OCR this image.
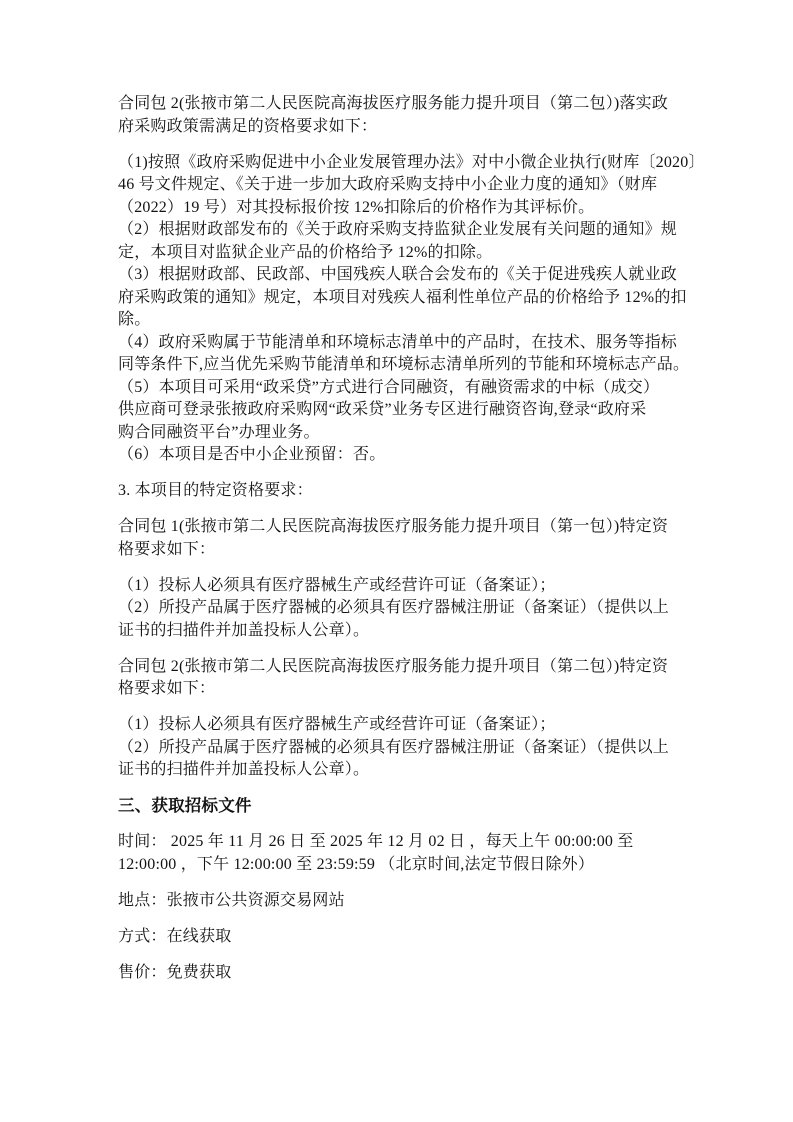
合同包 2(张掖市第二人民医院高海拔医疗服务能力提升项目（第二包）)落实政
府采购政策需满足的资格要求如下：
（1)按照《政府采购促进中小企业发展管理办法》对中小微企业执行(财库〔2020〕
46 号文件规定、《关于进一步加大政府采购支持中小企业力度的通知》（财库
（2022）19 号）对其投标报价按 12%扣除后的价格作为其评标价。
（2）根据财政部发布的《关于政府采购支持监狱企业发展有关问题的通知》规
定，本项目对监狱企业产品的价格给予 12%的扣除。
（3）根据财政部、民政部、中国残疾人联合会发布的《关于促进残疾人就业政
府采购政策的通知》规定，本项目对残疾人福利性单位产品的价格给予 12%的扣
除。
（4）政府采购属于节能清单和环境标志清单中的产品时，在技术、服务等指标
同等条件下,应当优先采购节能清单和环境标志清单所列的节能和环境标志产品。
（5）本项目可采用“政采贷”方式进行合同融资，有融资需求的中标（成交）
供应商可登录张掖政府采购网“政采贷”业务专区进行融资咨询,登录“政府采
购合同融资平台”办理业务。
（6）本项目是否中小企业预留：否。
3. 本项目的特定资格要求：
合同包 1(张掖市第二人民医院高海拔医疗服务能力提升项目（第一包）)特定资
格要求如下：
（1）投标人必须具有医疗器械生产或经营许可证（备案证）；
（2）所投产品属于医疗器械的必须具有医疗器械注册证（备案证）（提供以上
证书的扫描件并加盖投标人公章）。
合同包 2(张掖市第二人民医院高海拔医疗服务能力提升项目（第二包）)特定资
格要求如下：
（1）投标人必须具有医疗器械生产或经营许可证（备案证）；
（2）所投产品属于医疗器械的必须具有医疗器械注册证（备案证）（提供以上
证书的扫描件并加盖投标人公章）。
三、获取招标文件
时间： 2025 年 11 月 26 日 至 2025 年 12 月 02 日 ，每天上午 00:00:00 至
12:00:00 ，下午 12:00:00 至 23:59:59 （北京时间,法定节假日除外）
地点：张掖市公共资源交易网站
方式：在线获取
售价：免费获取
